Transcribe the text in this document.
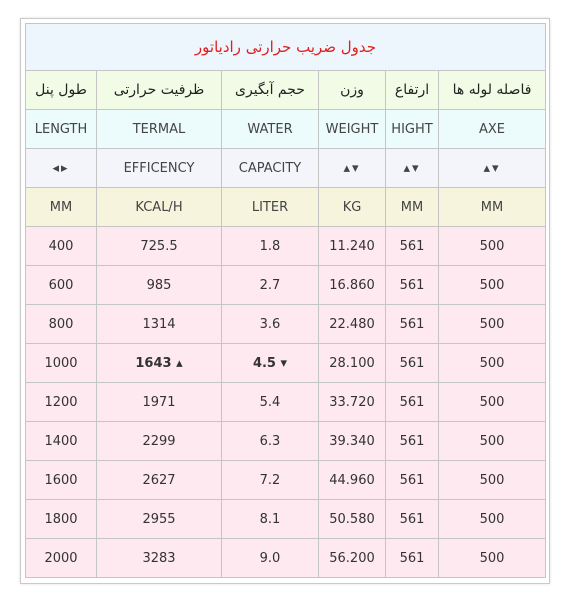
جدول ضریب حرارتی رادیاتور					
طول پنل	ظرفیت حرارتی	حجم آبگیری	وزن	ارتفاع	فاصله لوله ها
LENGTH	TERMAL	WATER	WEIGHT	HIGHT	AXE
◂▸	EFFICENCY	CAPACITY	▴▾	▴▾	▴▾
MM	KCAL/H	LITER	KG	MM	MM
400	725.5	1.8	11.240	561	500
600	985	2.7	16.860	561	500
800	1314	3.6	22.480	561	500
1000	1643 ▴	4.5 ▾	28.100	561	500
1200	1971	5.4	33.720	561	500
1400	2299	6.3	39.340	561	500
1600	2627	7.2	44.960	561	500
1800	2955	8.1	50.580	561	500
2000	3283	9.0	56.200	561	500
